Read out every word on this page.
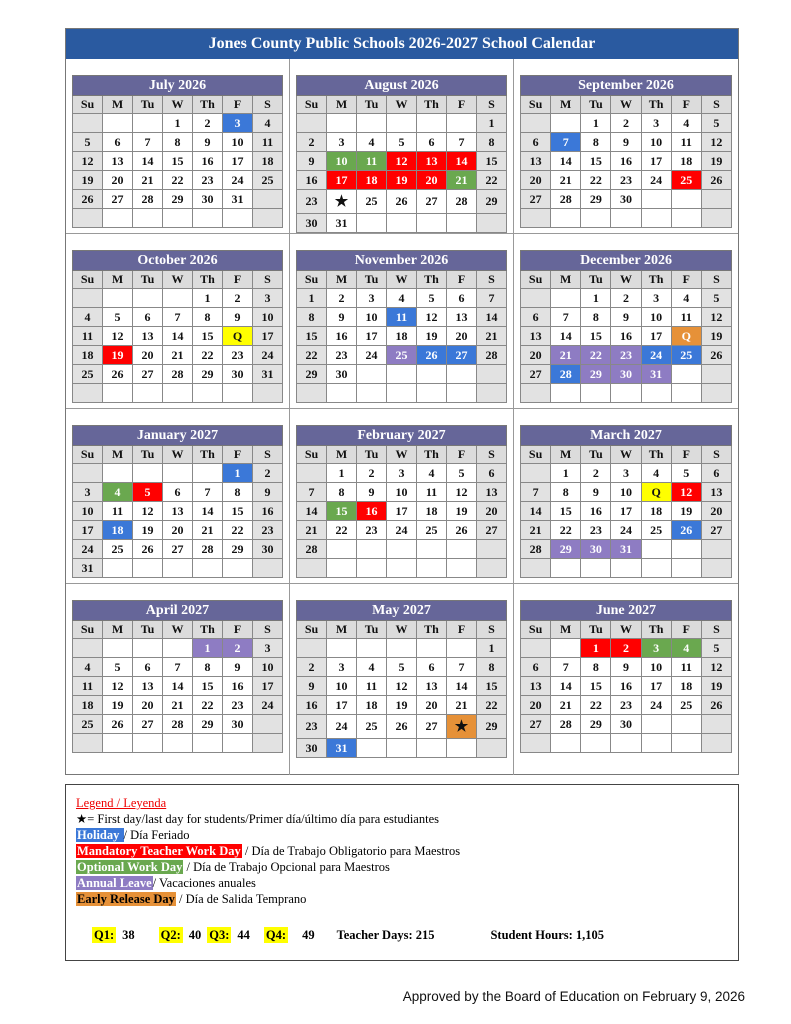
Jones County Public Schools 2026-2027 School Calendar
July 2026						
Su	M	Tu	W	Th	F	S
			1	2	3	4
5	6	7	8	9	10	11
12	13	14	15	16	17	18
19	20	21	22	23	24	25
26	27	28	29	30	31	

August 2026						
Su	M	Tu	W	Th	F	S
						1
2	3	4	5	6	7	8
9	10	11	12	13	14	15
16	17	18	19	20	21	22
23	★	25	26	27	28	29
30	31					
September 2026						
Su	M	Tu	W	Th	F	S
		1	2	3	4	5
6	7	8	9	10	11	12
13	14	15	16	17	18	19
20	21	22	23	24	25	26
27	28	29	30			

October 2026						
Su	M	Tu	W	Th	F	S
				1	2	3
4	5	6	7	8	9	10
11	12	13	14	15	Q	17
18	19	20	21	22	23	24
25	26	27	28	29	30	31

November 2026						
Su	M	Tu	W	Th	F	S
1	2	3	4	5	6	7
8	9	10	11	12	13	14
15	16	17	18	19	20	21
22	23	24	25	26	27	28
29	30					

December 2026						
Su	M	Tu	W	Th	F	S
		1	2	3	4	5
6	7	8	9	10	11	12
13	14	15	16	17	Q	19
20	21	22	23	24	25	26
27	28	29	30	31		

January 2027						
Su	M	Tu	W	Th	F	S
					1	2
3	4	5	6	7	8	9
10	11	12	13	14	15	16
17	18	19	20	21	22	23
24	25	26	27	28	29	30
31						
February 2027						
Su	M	Tu	W	Th	F	S
	1	2	3	4	5	6
7	8	9	10	11	12	13
14	15	16	17	18	19	20
21	22	23	24	25	26	27
28						

March 2027						
Su	M	Tu	W	Th	F	S
	1	2	3	4	5	6
7	8	9	10	Q	12	13
14	15	16	17	18	19	20
21	22	23	24	25	26	27
28	29	30	31			

April 2027						
Su	M	Tu	W	Th	F	S
				1	2	3
4	5	6	7	8	9	10
11	12	13	14	15	16	17
18	19	20	21	22	23	24
25	26	27	28	29	30	

May 2027						
Su	M	Tu	W	Th	F	S
						1
2	3	4	5	6	7	8
9	10	11	12	13	14	15
16	17	18	19	20	21	22
23	24	25	26	27	★	29
30	31					
June 2027						
Su	M	Tu	W	Th	F	S
		1	2	3	4	5
6	7	8	9	10	11	12
13	14	15	16	17	18	19
20	21	22	23	24	25	26
27	28	29	30			

Legend / Leyenda
★= First day/last day for students/Primer día/último día para estudiantes
Holiday / Día Feriado
Mandatory Teacher Work Day / Día de Trabajo Obligatorio para Maestros
Optional Work Day / Día de Trabajo Opcional para Maestros
Annual Leave/ Vacaciones anuales
Early Release Day / Día de Salida Temprano
Q1: 38 Q2: 40 Q3: 44 Q4: 49 Teacher Days: 215	Student Hours: 1,105
Approved by the Board of Education on February 9, 2026
